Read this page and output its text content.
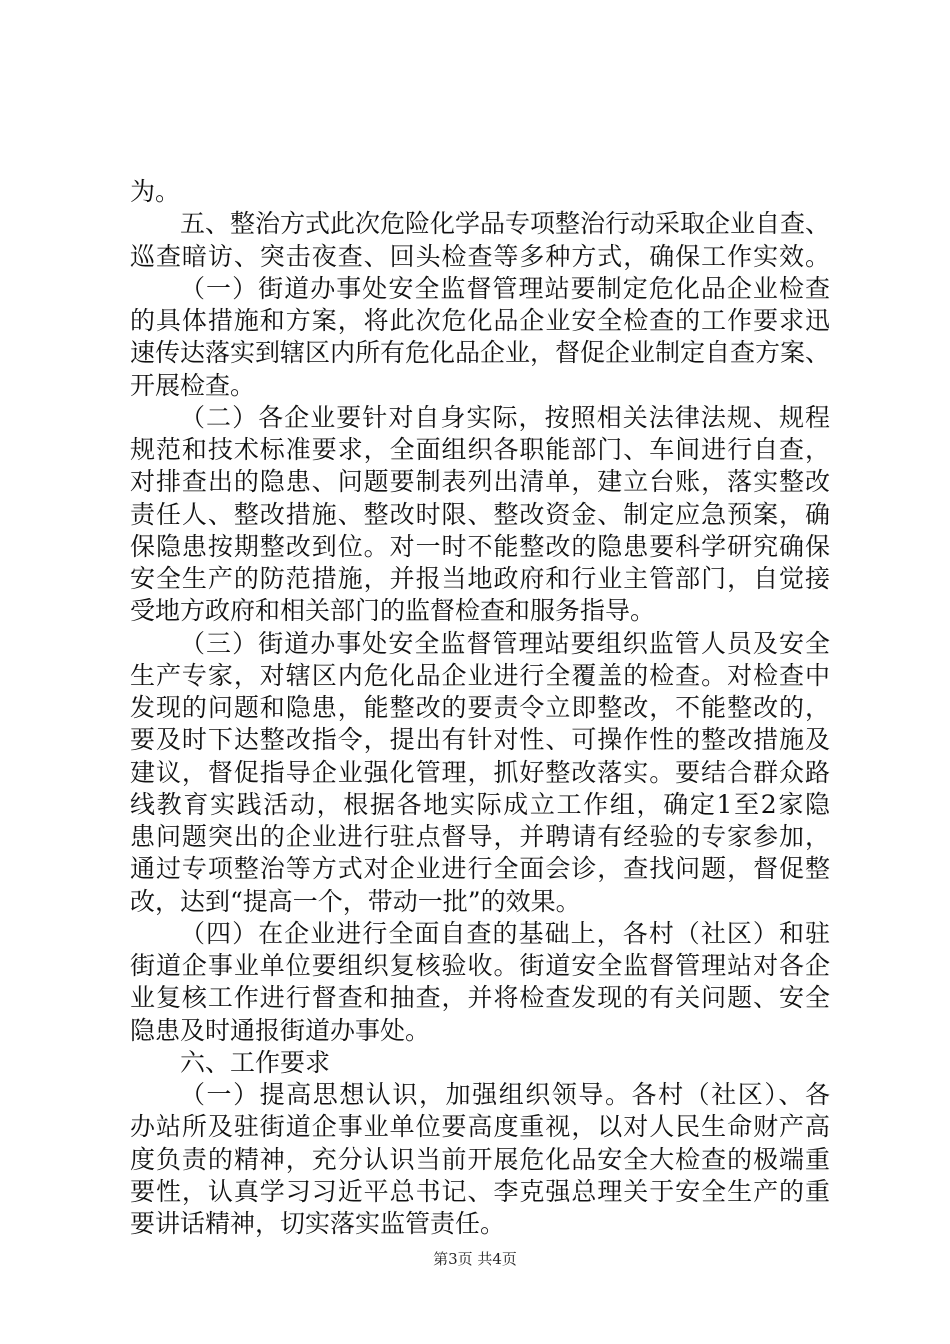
为。
五、整治方式此次危险化学品专项整治行动采取企业自查、
巡查暗访、突击夜查、回头检查等多种方式，确保工作实效。
（一）街道办事处安全监督管理站要制定危化品企业检查
的具体措施和方案，将此次危化品企业安全检查的工作要求迅
速传达落实到辖区内所有危化品企业，督促企业制定自查方案、
开展检查。
（二）各企业要针对自身实际，按照相关法律法规、规程
规范和技术标准要求，全面组织各职能部门、车间进行自查，
对排查出的隐患、问题要制表列出清单，建立台账，落实整改
责任人、整改措施、整改时限、整改资金、制定应急预案，确
保隐患按期整改到位。对一时不能整改的隐患要科学研究确保
安全生产的防范措施，并报当地政府和行业主管部门，自觉接
受地方政府和相关部门的监督检查和服务指导。
（三）街道办事处安全监督管理站要组织监管人员及安全
生产专家，对辖区内危化品企业进行全覆盖的检查。对检查中
发现的问题和隐患，能整改的要责令立即整改，不能整改的，
要及时下达整改指令，提出有针对性、可操作性的整改措施及
建议，督促指导企业强化管理，抓好整改落实。要结合群众路
线教育实践活动，根据各地实际成立工作组，确定1至2家隐
患问题突出的企业进行驻点督导，并聘请有经验的专家参加，
通过专项整治等方式对企业进行全面会诊，查找问题，督促整
改，达到“提高一个，带动一批”的效果。
（四）在企业进行全面自查的基础上，各村（社区）和驻
街道企事业单位要组织复核验收。街道安全监督管理站对各企
业复核工作进行督查和抽查，并将检查发现的有关问题、安全
隐患及时通报街道办事处。
六、工作要求
（一）提高思想认识，加强组织领导。各村（社区）、各
办站所及驻街道企事业单位要高度重视，以对人民生命财产高
度负责的精神，充分认识当前开展危化品安全大检查的极端重
要性，认真学习习近平总书记、李克强总理关于安全生产的重
要讲话精神，切实落实监管责任。
第3页 共4页
